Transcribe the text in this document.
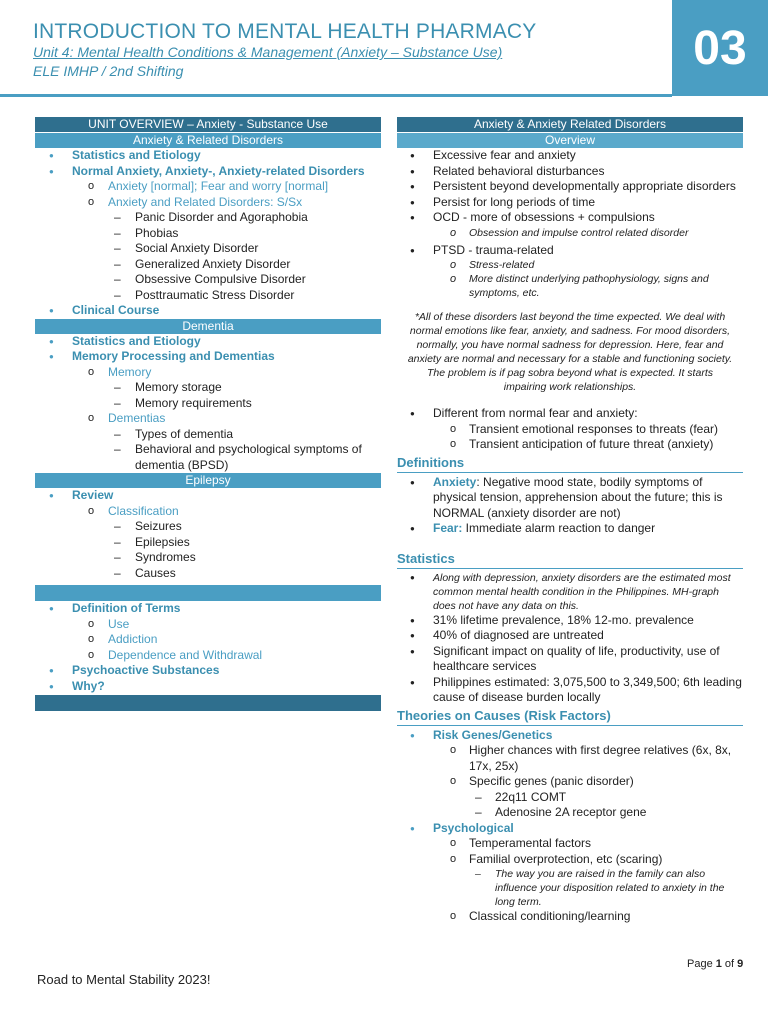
INTRODUCTION TO MENTAL HEALTH PHARMACY
Unit 4: Mental Health Conditions & Management (Anxiety – Substance Use)
ELE IMHP / 2nd Shifting	03
UNIT OVERVIEW – Anxiety - Substance Use
Anxiety & Related Disorders
● Statistics and Etiology
● Normal Anxiety, Anxiety-, Anxiety-related Disorders
o Anxiety [normal]; Fear and worry [normal]
o Anxiety and Related Disorders: S/Sx
– Panic Disorder and Agoraphobia
– Phobias
– Social Anxiety Disorder
– Generalized Anxiety Disorder
– Obsessive Compulsive Disorder
– Posttraumatic Stress Disorder
● Clinical Course
Dementia
● Statistics and Etiology
● Memory Processing and Dementias
o Memory
– Memory storage
– Memory requirements
o Dementias
– Types of dementia
– Behavioral and psychological symptoms of dementia (BPSD)
Epilepsy
● Review
o Classification
– Seizures
– Epilepsies
– Syndromes
– Causes
● Definition of Terms
o Use
o Addiction
o Dependence and Withdrawal
● Psychoactive Substances
● Why?
Anxiety & Anxiety Related Disorders
Overview
● Excessive fear and anxiety
● Related behavioral disturbances
● Persistent beyond developmentally appropriate disorders
● Persist for long periods of time
● OCD - more of obsessions + compulsions
o Obsession and impulse control related disorder
● PTSD - trauma-related
o Stress-related
o More distinct underlying pathophysiology, signs and symptoms, etc.
*All of these disorders last beyond the time expected. We deal with normal emotions like fear, anxiety, and sadness. For mood disorders, normally, you have normal sadness for depression. Here, fear and anxiety are normal and necessary for a stable and functioning society. The problem is if pag sobra beyond what is expected. It starts impairing work relationships.
● Different from normal fear and anxiety:
o Transient emotional responses to threats (fear)
o Transient anticipation of future threat (anxiety)
Definitions
● Anxiety: Negative mood state, bodily symptoms of physical tension, apprehension about the future; this is NORMAL (anxiety disorder are not)
● Fear: Immediate alarm reaction to danger
Statistics
● Along with depression, anxiety disorders are the estimated most common mental health condition in the Philippines. MH-graph does not have any data on this.
● 31% lifetime prevalence, 18% 12-mo. prevalence
● 40% of diagnosed are untreated
● Significant impact on quality of life, productivity, use of healthcare services
● Philippines estimated: 3,075,500 to 3,349,500; 6th leading cause of disease burden locally
Theories on Causes (Risk Factors)
● Risk Genes/Genetics
o Higher chances with first degree relatives (6x, 8x, 17x, 25x)
o Specific genes (panic disorder)
– 22q11 COMT
– Adenosine 2A receptor gene
● Psychological
o Temperamental factors
o Familial overprotection, etc (scaring)
– The way you are raised in the family can also influence your disposition related to anxiety in the long term.
o Classical conditioning/learning
Road to Mental Stability 2023!
Page 1 of 9
